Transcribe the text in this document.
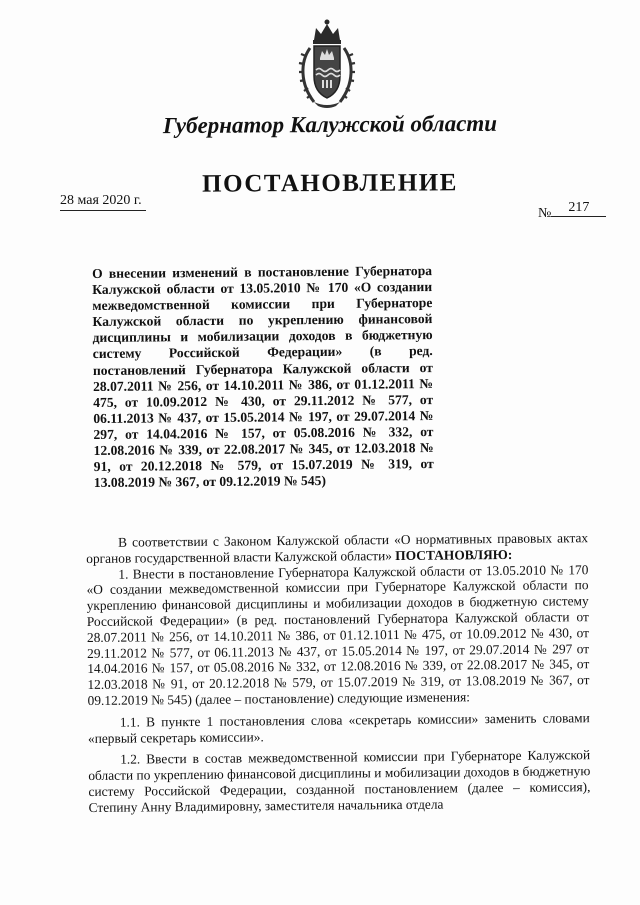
Губернатор Калужской области
ПОСТАНОВЛЕНИЕ
28 мая 2020 г.
№ 217
О внесении изменений в постановление Губернатора Калужской области от 13.05.2010 № 170 «О создании межведомственной комиссии при Губернаторе Калужской области по укреплению финансовой дисциплины и мобилизации доходов в бюджетную систему Российской Федерации» (в ред. постановлений Губернатора Калужской области от 28.07.2011 № 256, от 14.10.2011 № 386, от 01.12.2011 № 475, от 10.09.2012 № 430, от 29.11.2012 № 577, от 06.11.2013 № 437, от 15.05.2014 № 197, от 29.07.2014 № 297, от 14.04.2016 № 157, от 05.08.2016 № 332, от 12.08.2016 № 339, от 22.08.2017 № 345, от 12.03.2018 № 91, от 20.12.2018 № 579, от 15.07.2019 № 319, от 13.08.2019 № 367, от 09.12.2019 № 545)

В соответствии с Законом Калужской области «О нормативных правовых актах органов государственной власти Калужской области» ПОСТАНОВЛЯЮ:

1. Внести в постановление Губернатора Калужской области от 13.05.2010 № 170 «О создании межведомственной комиссии при Губернаторе Калужской области по укреплению финансовой дисциплины и мобилизации доходов в бюджетную систему Российской Федерации» (в ред. постановлений Губернатора Калужской области от 28.07.2011 № 256, от 14.10.2011 № 386, от 01.12.1011 № 475, от 10.09.2012 № 430, от 29.11.2012 № 577, от 06.11.2013 № 437, от 15.05.2014 № 197, от 29.07.2014 № 297 от 14.04.2016 № 157, от 05.08.2016 № 332, от 12.08.2016 № 339, от 22.08.2017 № 345, от 12.03.2018 № 91, от 20.12.2018 № 579, от 15.07.2019 № 319, от 13.08.2019 № 367, от 09.12.2019 № 545) (далее – постановление) следующие изменения:

1.1. В пункте 1 постановления слова «секретарь комиссии» заменить словами «первый секретарь комиссии».

1.2. Ввести в состав межведомственной комиссии при Губернаторе Калужской области по укреплению финансовой дисциплины и мобилизации доходов в бюджетную систему Российской Федерации, созданной постановлением (далее – комиссия), Степину Анну Владимировну, заместителя начальника отдела
